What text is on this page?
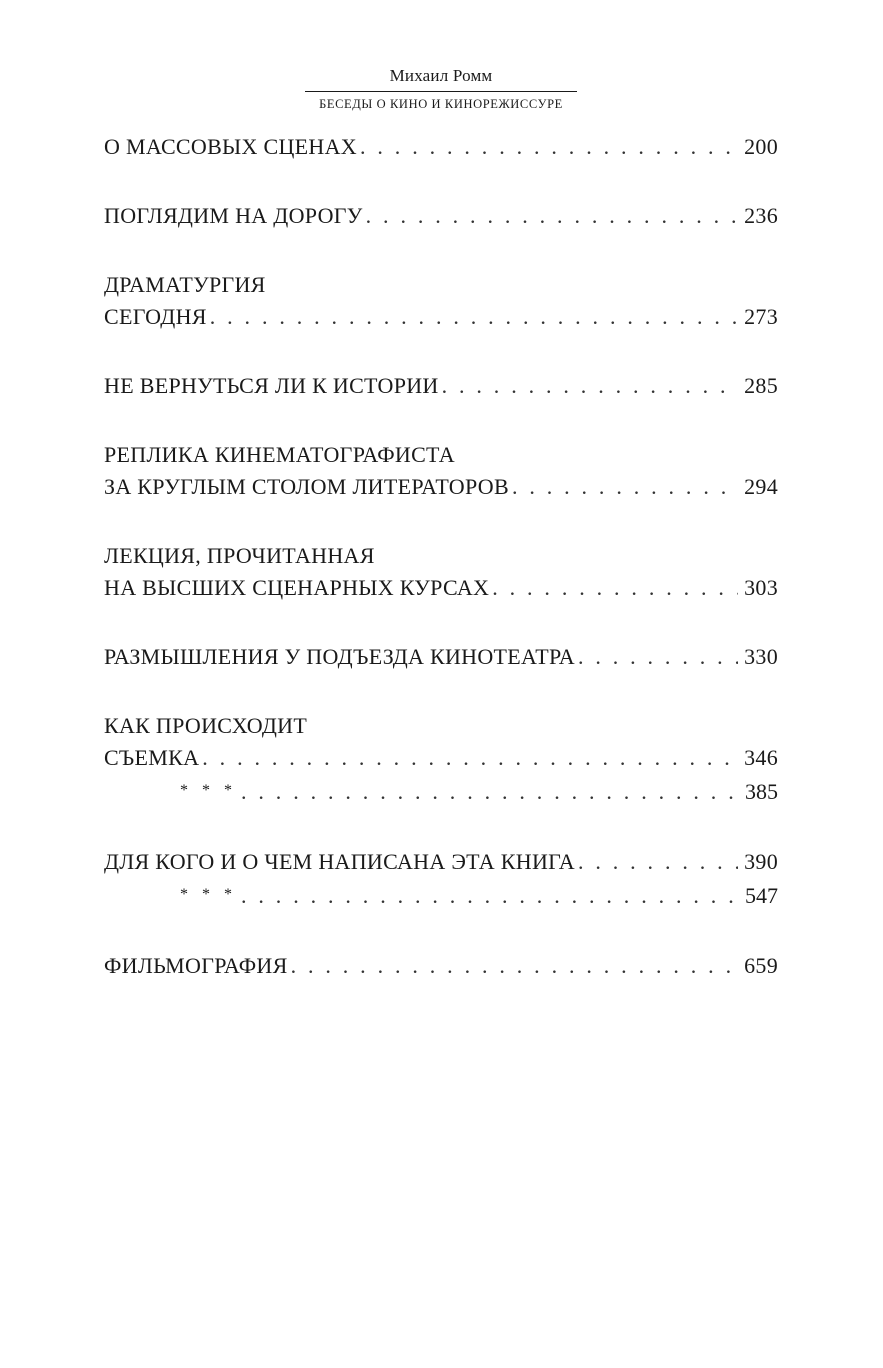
Михаил Ромм
БЕСЕДЫ О КИНО И КИНОРЕЖИССУРЕ
О МАССОВЫХ СЦЕНАХ . . .	200
ПОГЛЯДИМ НА ДОРОГУ . . .	236
ДРАМАТУРГИЯ
СЕГОДНЯ . . .	273
НЕ ВЕРНУТЬСЯ ЛИ К ИСТОРИИ . . .	285
РЕПЛИКА КИНЕМАТОГРАФИСТА
ЗА КРУГЛЫМ СТОЛОМ ЛИТЕРАТОРОВ . . .	294
ЛЕКЦИЯ, ПРОЧИТАННАЯ
НА ВЫСШИХ СЦЕНАРНЫХ КУРСАХ . . .	303
РАЗМЫШЛЕНИЯ У ПОДЪЕЗДА КИНОТЕАТРА . . .	330
КАК ПРОИСХОДИТ
СЪЕМКА . . .	346
* * * . . .	385
ДЛЯ КОГО И О ЧЕМ НАПИСАНА ЭТА КНИГА . . .	390
* * * . . .	547
ФИЛЬМОГРАФИЯ . . .	659
